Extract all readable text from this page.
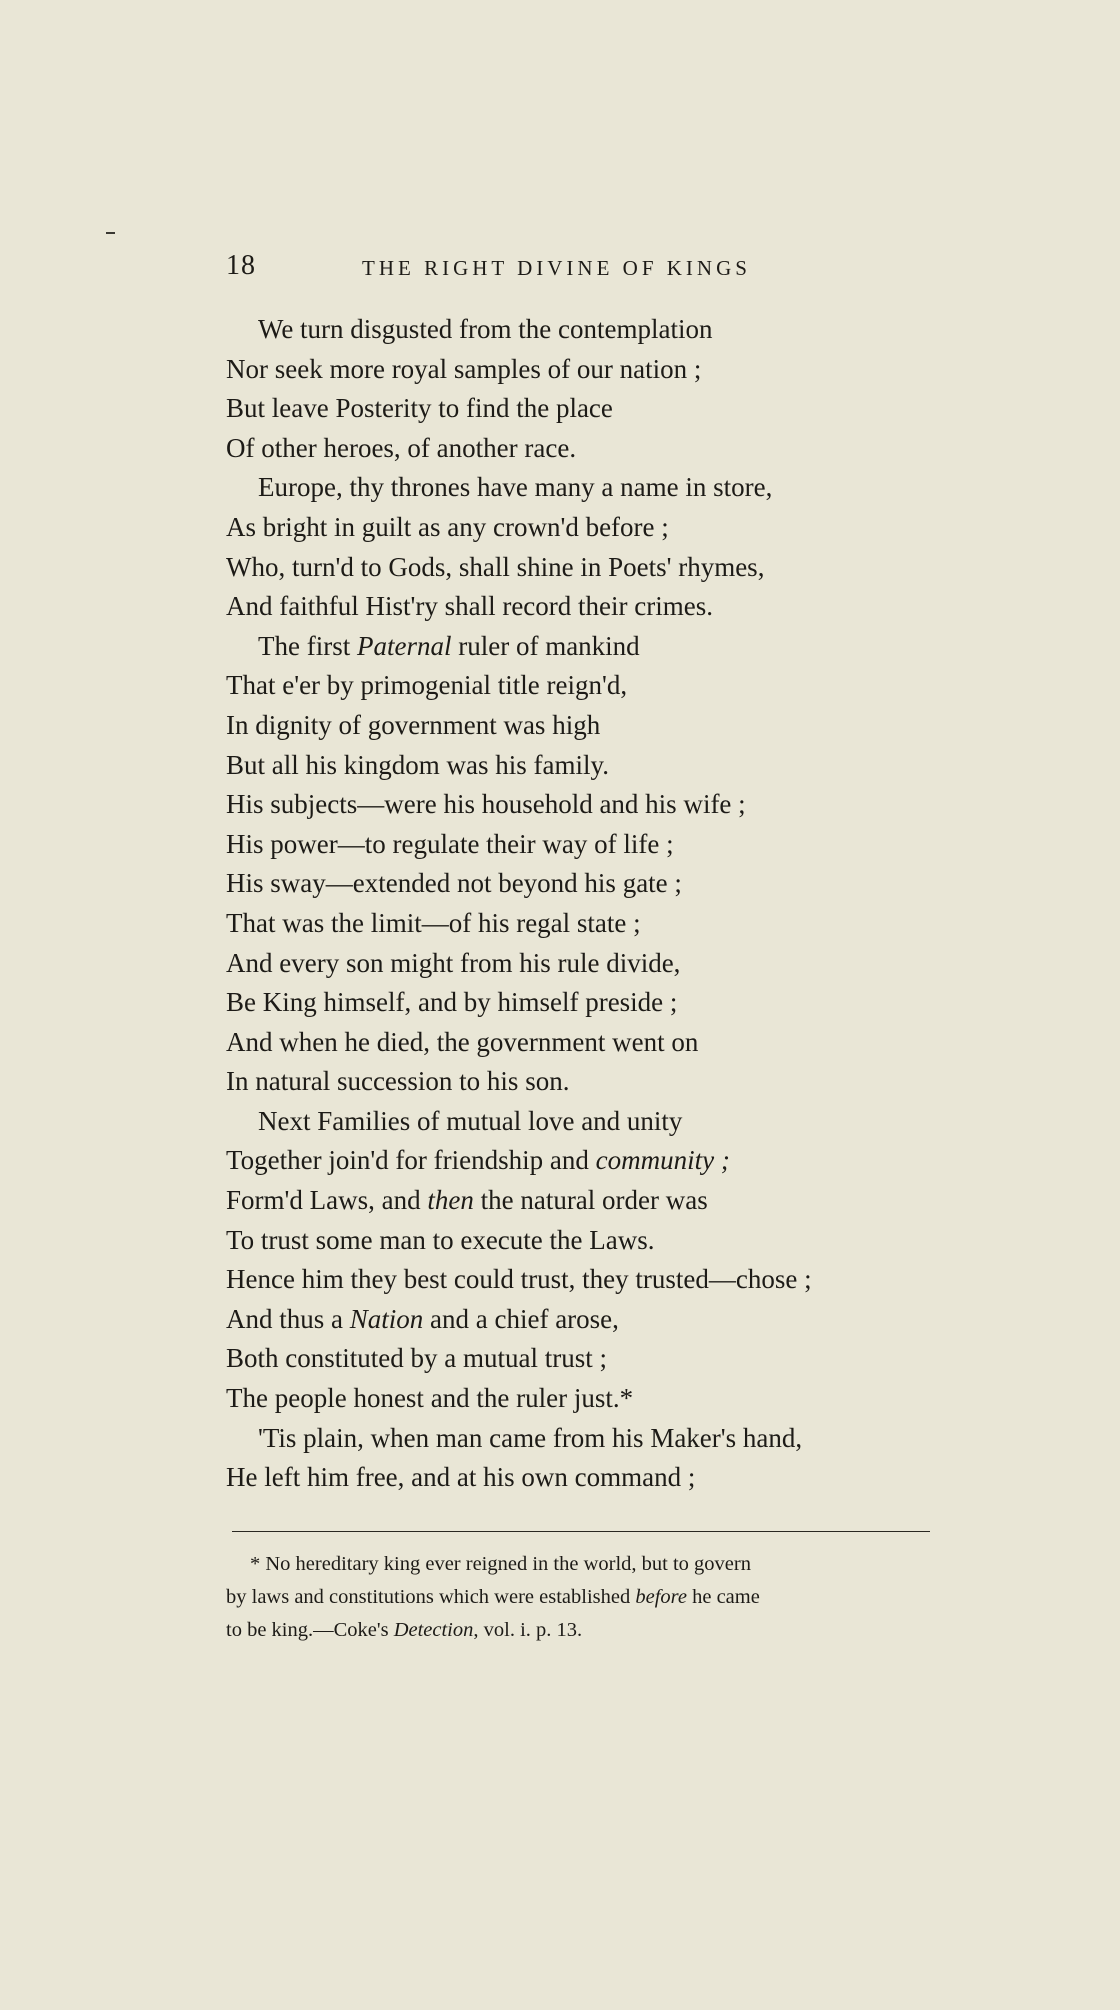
18	THE RIGHT DIVINE OF KINGS
We turn disgusted from the contemplation
Nor seek more royal samples of our nation ;
But leave Posterity to find the place
Of other heroes, of another race.
Europe, thy thrones have many a name in store,
As bright in guilt as any crown'd before ;
Who, turn'd to Gods, shall shine in Poets' rhymes,
And faithful Hist'ry shall record their crimes.
The first Paternal ruler of mankind
That e'er by primogenial title reign'd,
In dignity of government was high
But all his kingdom was his family.
His subjects—were his household and his wife ;
His power—to regulate their way of life ;
His sway—extended not beyond his gate ;
That was the limit—of his regal state ;
And every son might from his rule divide,
Be King himself, and by himself preside ;
And when he died, the government went on
In natural succession to his son.
Next Families of mutual love and unity
Together join'd for friendship and community ;
Form'd Laws, and then the natural order was
To trust some man to execute the Laws.
Hence him they best could trust, they trusted—chose ;
And thus a Nation and a chief arose,
Both constituted by a mutual trust ;
The people honest and the ruler just.*
'Tis plain, when man came from his Maker's hand,
He left him free, and at his own command ;
* No hereditary king ever reigned in the world, but to govern
by laws and constitutions which were established before he came
to be king.—Coke's Detection, vol. i. p. 13.
